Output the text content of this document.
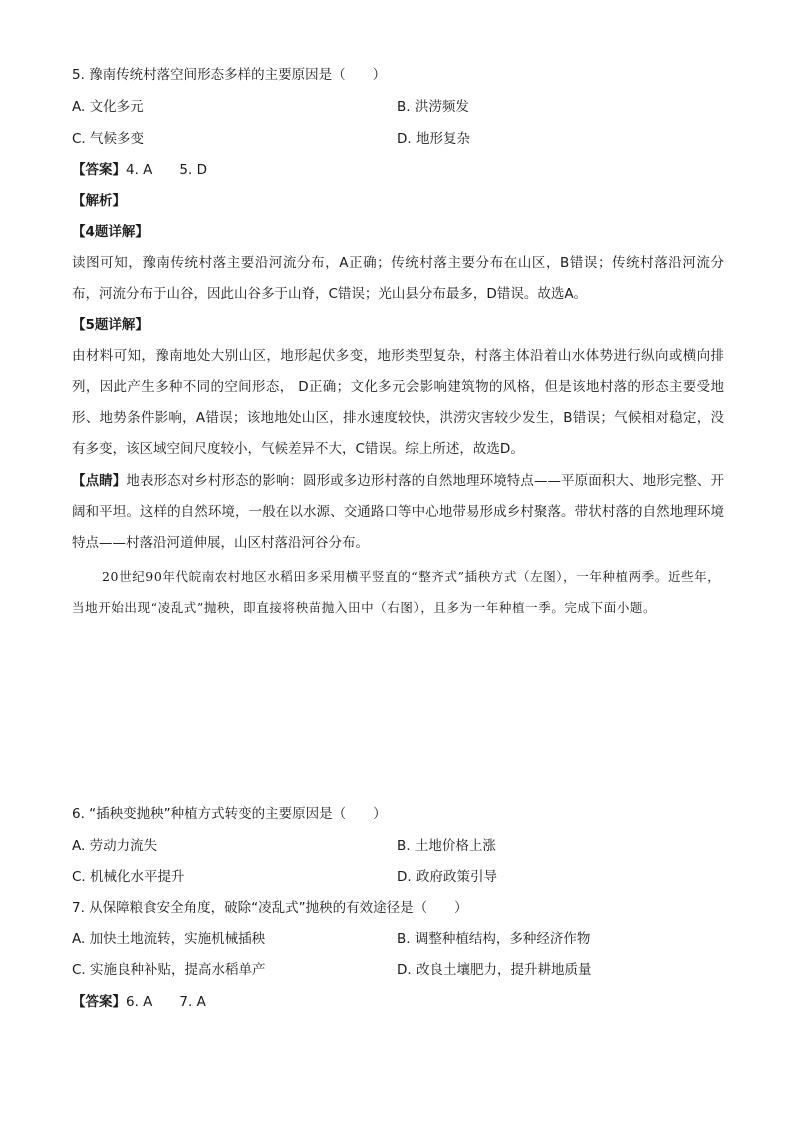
5. 豫南传统村落空间形态多样的主要原因是（　　）
A. 文化多元	B. 洪涝频发
C. 气候多变	D. 地形复杂
【答案】4. A　　5. D
【解析】
【4题详解】
读图可知，豫南传统村落主要沿河流分布，A正确；传统村落主要分布在山区，B错误；传统村落沿河流分布，河流分布于山谷，因此山谷多于山脊，C错误；光山县分布最多，D错误。故选A。
【5题详解】
由材料可知，豫南地处大别山区，地形起伏多变，地形类型复杂，村落主体沿着山水体势进行纵向或横向排列，因此产生多种不同的空间形态， D正确；文化多元会影响建筑物的风格，但是该地村落的形态主要受地形、地势条件影响，A错误；该地地处山区，排水速度较快，洪涝灾害较少发生，B错误；气候相对稳定，没有多变，该区域空间尺度较小，气候差异不大，C错误。综上所述，故选D。
【点睛】地表形态对乡村形态的影响：圆形或多边形村落的自然地理环境特点——平原面积大、地形完整、开阔和平坦。这样的自然环境，一般在以水源、交通路口等中心地带易形成乡村聚落。带状村落的自然地理环境特点——村落沿河道伸展，山区村落沿河谷分布。
20世纪90年代皖南农村地区水稻田多采用横平竖直的“整齐式”插秧方式（左图），一年种植两季。近些年，当地开始出现“凌乱式”抛秧，即直接将秧苗抛入田中（右图），且多为一年种植一季。完成下面小题。
6. “插秧变抛秧”种植方式转变的主要原因是（　　）
A. 劳动力流失	B. 土地价格上涨
C. 机械化水平提升	D. 政府政策引导
7. 从保障粮食安全角度，破除“凌乱式”抛秧的有效途径是（　　）
A. 加快土地流转，实施机械插秧	B. 调整种植结构，多种经济作物
C. 实施良种补贴，提高水稻单产	D. 改良土壤肥力，提升耕地质量
【答案】6. A　　7. A
